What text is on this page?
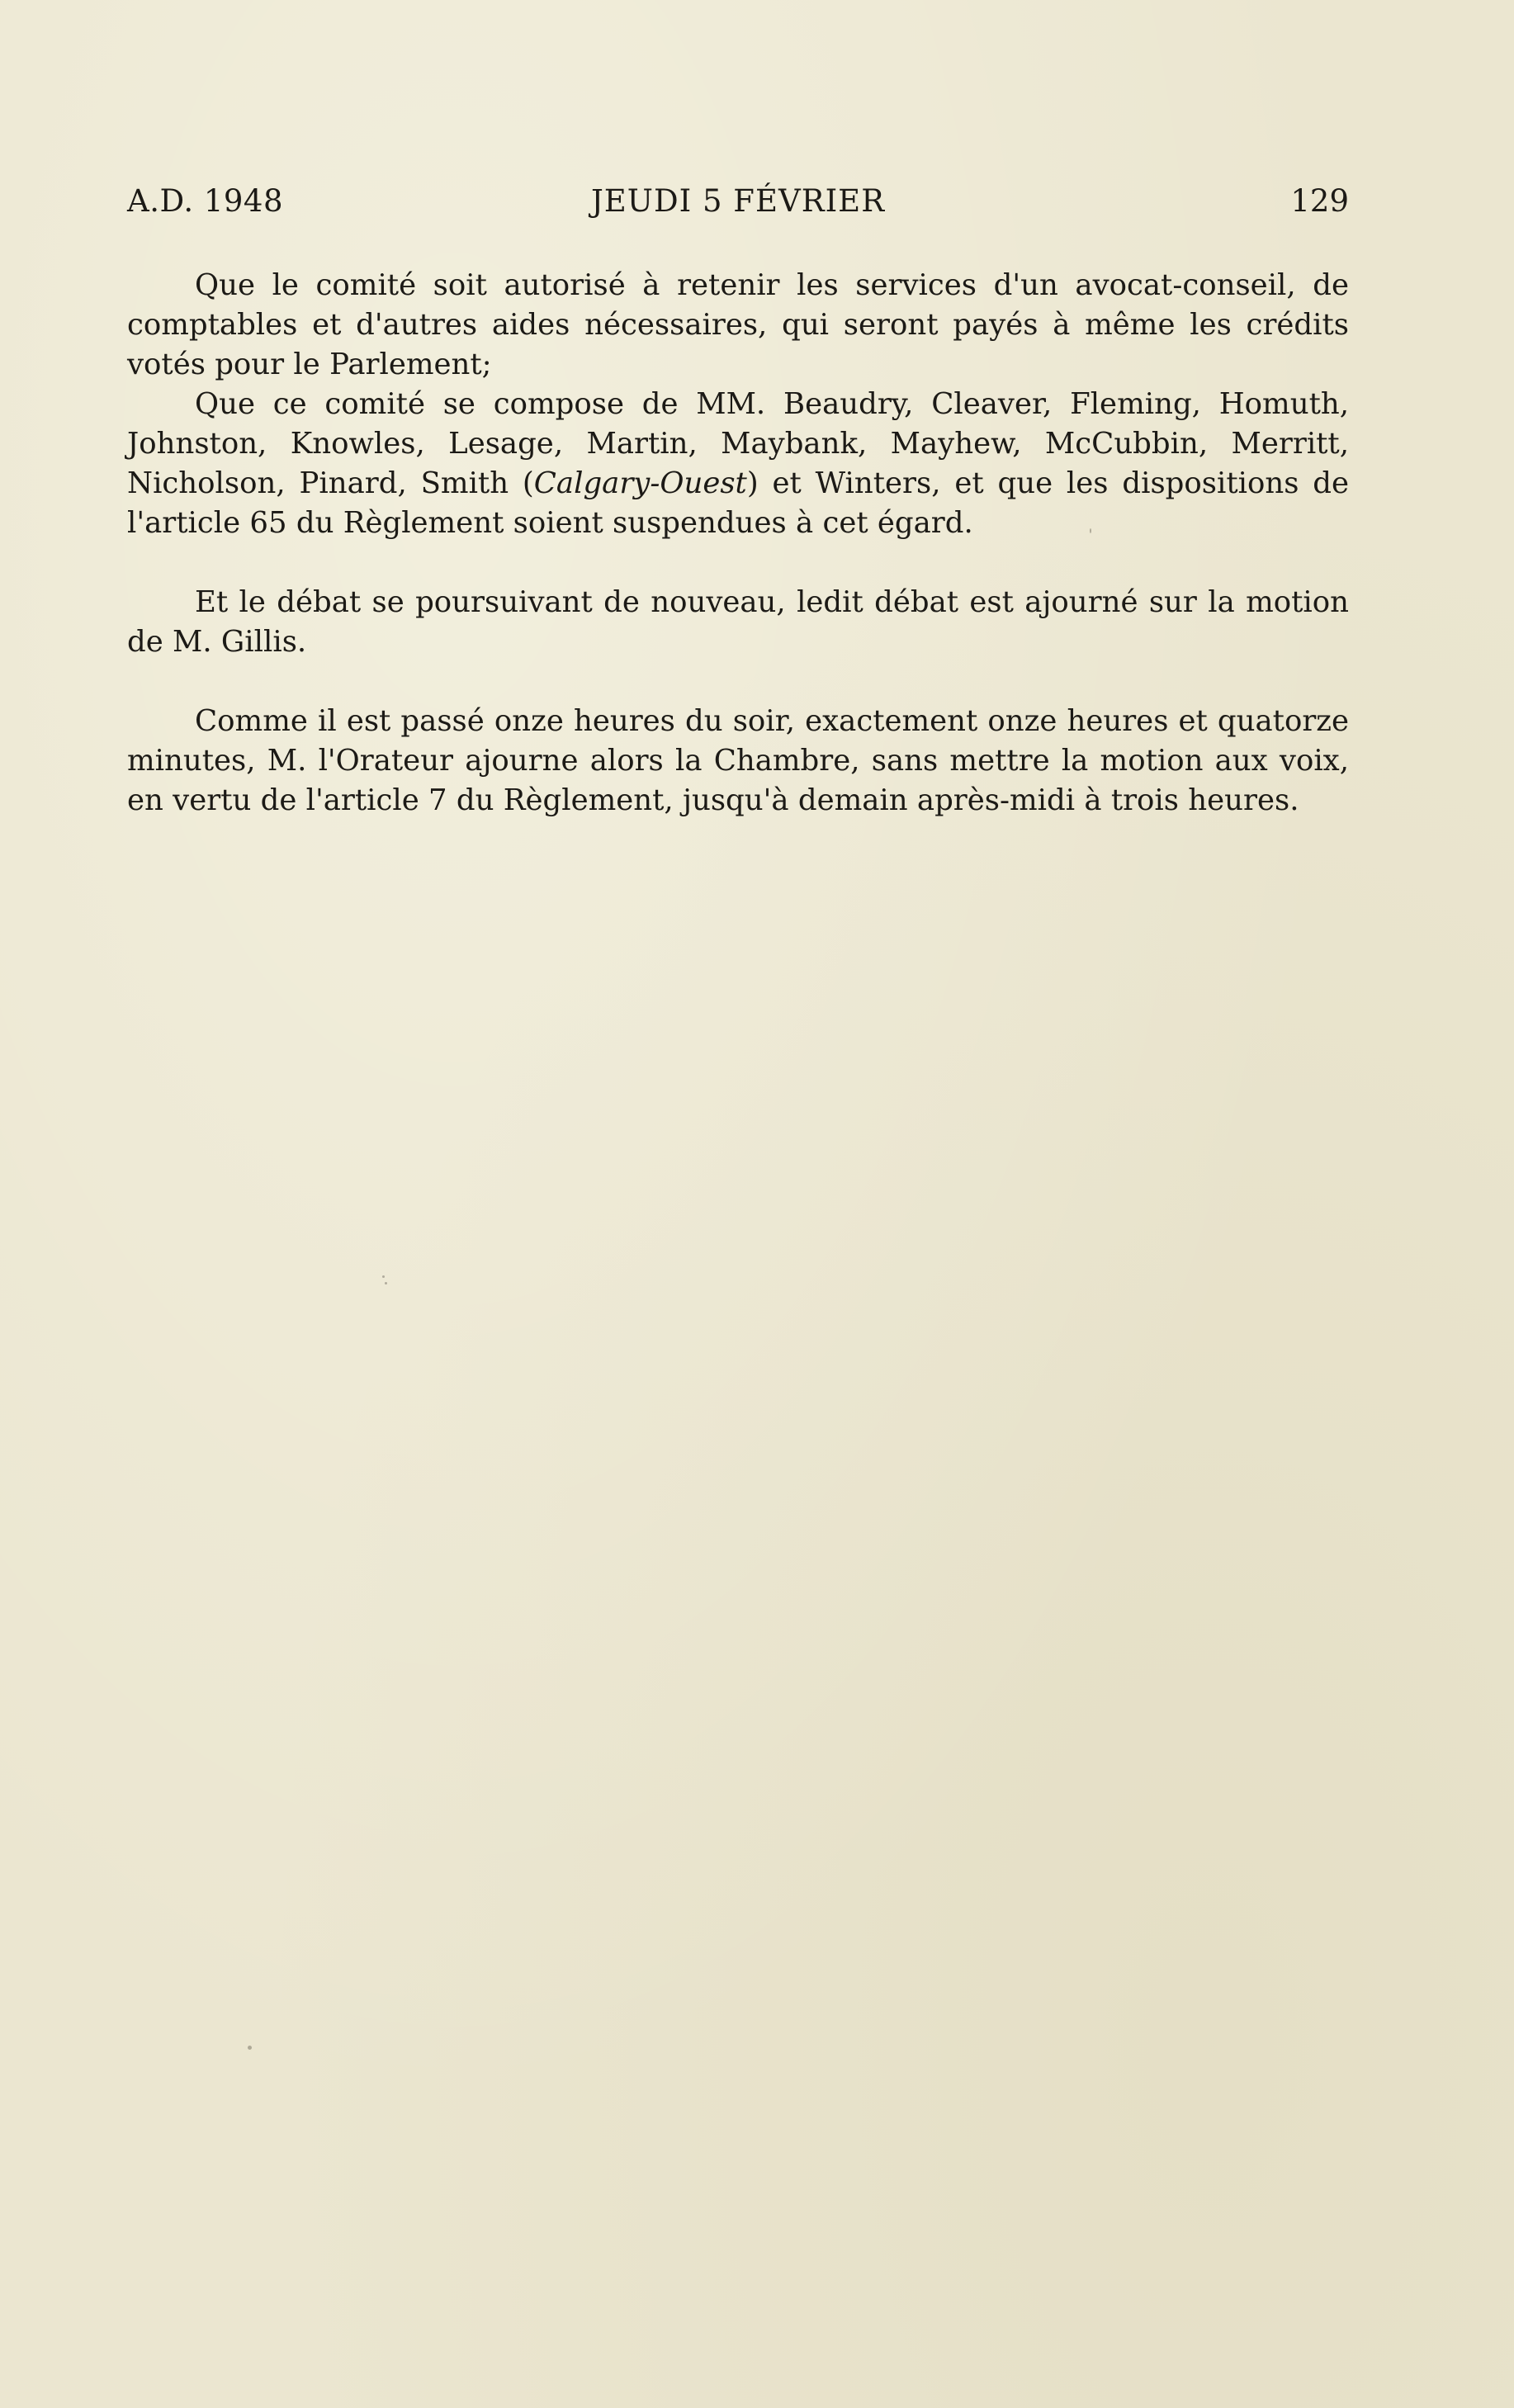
A.D. 1948	JEUDI 5 FÉVRIER	129

Que le comité soit autorisé à retenir les services d'un avocat-conseil, de comptables et d'autres aides nécessaires, qui seront payés à même les crédits votés pour le Parlement;

Que ce comité se compose de MM. Beaudry, Cleaver, Fleming, Homuth, Johnston, Knowles, Lesage, Martin, Maybank, Mayhew, McCubbin, Merritt, Nicholson, Pinard, Smith (Calgary-Ouest) et Winters, et que les dispositions de l'article 65 du Règlement soient suspendues à cet égard.

Et le débat se poursuivant de nouveau, ledit débat est ajourné sur la motion de M. Gillis.

Comme il est passé onze heures du soir, exactement onze heures et quatorze minutes, M. l'Orateur ajourne alors la Chambre, sans mettre la motion aux voix, en vertu de l'article 7 du Règlement, jusqu'à demain après-midi à trois heures.
